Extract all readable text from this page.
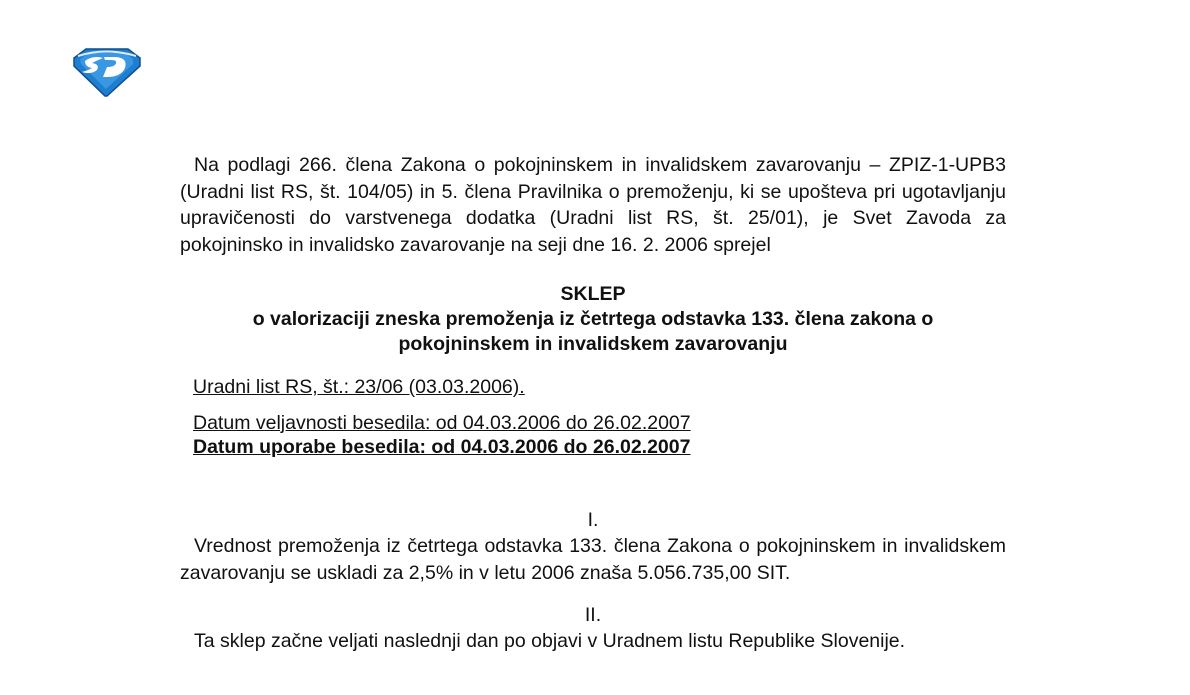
Na podlagi 266. člena Zakona o pokojninskem in invalidskem zavarovanju – ZPIZ-1-UPB3 (Uradni list RS, št. 104/05) in 5. člena Pravilnika o premoženju, ki se upošteva pri ugotavljanju upravičenosti do varstvenega dodatka (Uradni list RS, št. 25/01), je Svet Zavoda za pokojninsko in invalidsko zavarovanje na seji dne 16. 2. 2006 sprejel

SKLEP
o valorizaciji zneska premoženja iz četrtega odstavka 133. člena zakona o
pokojninskem in invalidskem zavarovanju
Uradni list RS, št.: 23/06 (03.03.2006).
Datum veljavnosti besedila: od 04.03.2006 do 26.02.2007
Datum uporabe besedila: od 04.03.2006 do 26.02.2007
I.

Vrednost premoženja iz četrtega odstavka 133. člena Zakona o pokojninskem in invalidskem zavarovanju se uskladi za 2,5% in v letu 2006 znaša 5.056.735,00 SIT.

II.

Ta sklep začne veljati naslednji dan po objavi v Uradnem listu Republike Slovenije.
